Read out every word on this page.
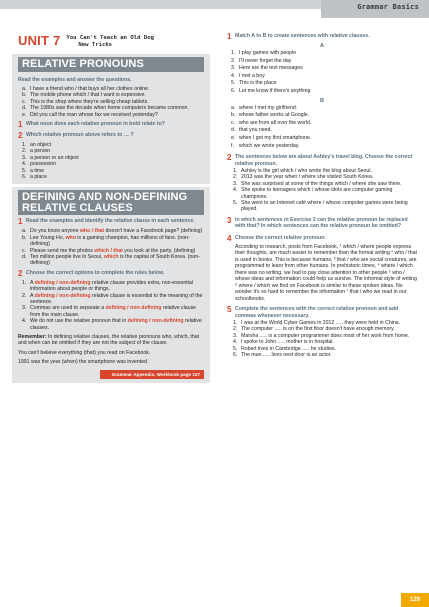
Grammar Basics
UNIT 7 You Can't Teach an Old Dog
New Tricks
RELATIVE PRONOUNS
Read the examples and answer the questions.
a. I have a friend who / that buys all her clothes online.
b. The mobile phone which / that I want is expensive.
c. This is the shop where they're selling cheap tablets.
d. The 1980s was the decade when home computers became common.
e. Did you call the man whose fax we received yesterday?
1 What noun does each relative pronoun in bold relate to?
2 Which relative pronoun above refers to … ?
1. an object
2. a person
3. a person or an object
4. possession
5. a time
6. a place
DEFINING AND NON-DEFINING
RELATIVE CLAUSES
1 Read the examples and identify the relative clause in each sentence.
a. Do you know anyone who / that doesn't have a Facebook page? (defining)
b. Lee Young Ho, who is a gaming champion, has millions of fans. (non-defining)
c. Please send me the photos which / that you took at the party. (defining)
d. Ten million people live in Seoul, which is the capital of South Korea. (non-defining)
2 Choose the correct options to complete the rules below.
1. A defining / non-defining relative clause provides extra, non-essential information about people or things.
2. A defining / non-defining relative clause is essential to the meaning of the sentence.
3. Commas are used to separate a defining / non-defining relative clause from the main clause.
4. We do not use the relative pronoun that in defining / non-defining relative clauses.
Remember: In defining relative clauses, the relative pronouns who, which, that and when can be omitted if they are not the subject of the clause.
You can't believe everything (that) you read on Facebook.
1991 was the year (when) the smartphone was invented.
Grammar Appendix, Workbook page 127
1 Match A to B to create sentences with relative clauses.
A
1. I play games with people
2. I'll never forget the day
3. Here are the text messages
4. I met a boy
5. This is the place
6. Let me know if there's anything
B
a. where I met my girlfriend.
b. whose father works at Google.
c. who are from all over the world.
d. that you need.
e. when I got my first smartphone.
f. which we wrote yesterday.
2 The sentences below are about Ashley's travel blog. Choose the correct relative pronoun.
1. Ashley is the girl which / who wrote the blog about Seoul.
2. 2013 was the year when / where she visited South Korea.
3. She was surprised at some of the things which / where she saw there.
4. She spoke to teenagers which / whose idols are computer gaming champions.
5. She went to an Internet café where / whose computer games were being played.
3 In which sentences in Exercise 2 can the relative pronoun be replaced with that? In which sentences can the relative pronoun be omitted?
4 Choose the correct relative pronoun.
According to research, posts from Facebook, ¹ which / where people express their thoughts, are much easier to remember than the formal writing ² who / that is used in books. This is because humans, ³ that / who are social creatures, are programmed to learn from other humans. In prehistoric times, ⁴ where / which there was no writing, we had to pay close attention to other people ⁵ who / whose ideas and information could help us survive. The informal style of writing ⁶ where / which we find on Facebook is similar to these spoken ideas. No wonder it's so hard to remember the information ⁷ that / who we read in our schoolbooks.
5 Complete the sentences with the correct relative pronoun and add commas whenever necessary.
1. I was at the World Cyber Games in 2012 ..... they were held in China.
2. The computer ..... is on the first floor doesn't have enough memory.
3. Marsha ..... is a computer programmer does most of her work from home.
4. I spoke to John ..... mother is in hospital.
5. Robert lives in Cambridge ..... he studies.
6. The man ..... lives next door is an actor.
129
